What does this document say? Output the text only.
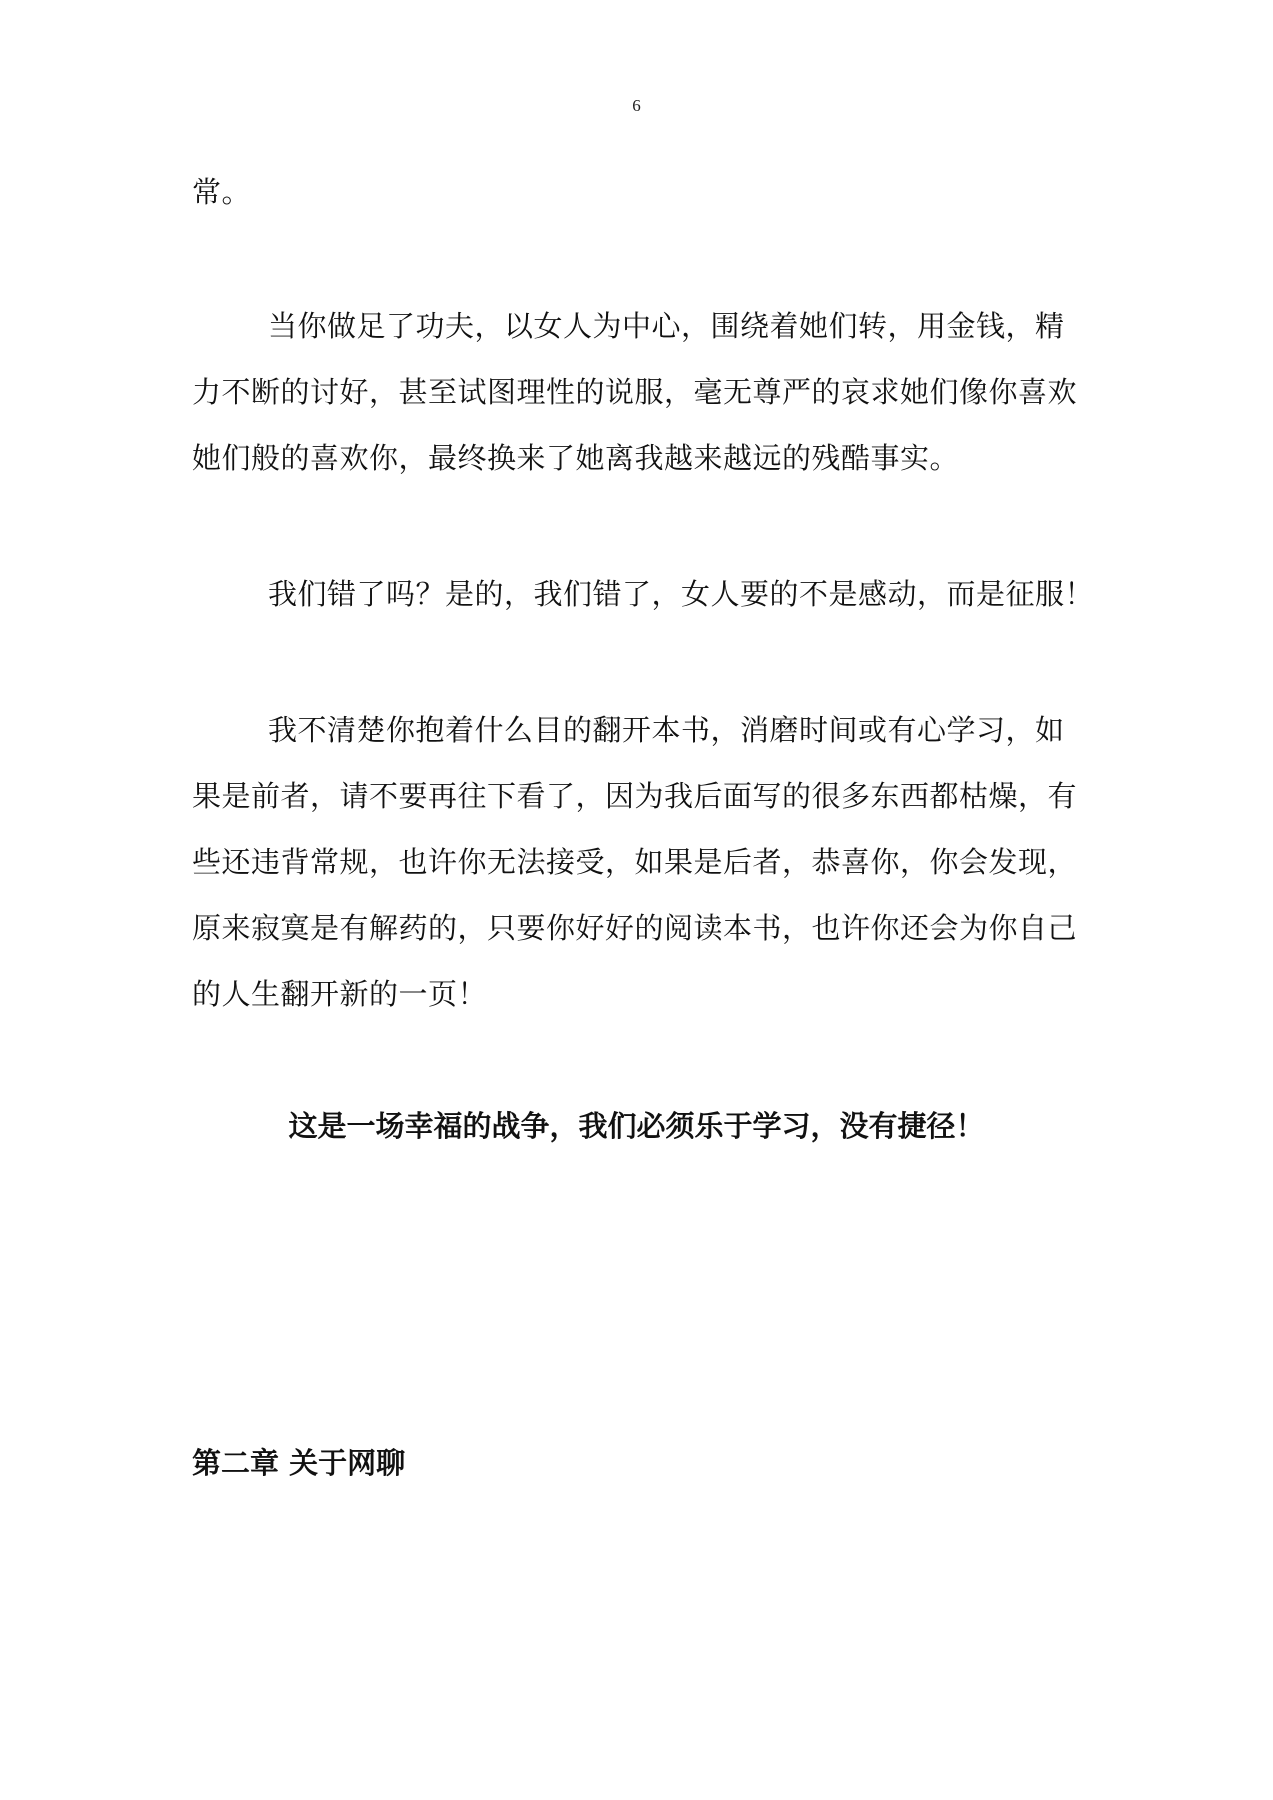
6
常。
当你做足了功夫，以女人为中心，围绕着她们转，用金钱，精
力不断的讨好，甚至试图理性的说服，毫无尊严的哀求她们像你喜欢
她们般的喜欢你，最终换来了她离我越来越远的残酷事实。
我们错了吗？是的，我们错了，女人要的不是感动，而是征服！
我不清楚你抱着什么目的翻开本书，消磨时间或有心学习，如
果是前者，请不要再往下看了，因为我后面写的很多东西都枯燥，有
些还违背常规，也许你无法接受，如果是后者，恭喜你，你会发现，
原来寂寞是有解药的，只要你好好的阅读本书，也许你还会为你自己
的人生翻开新的一页！
这是一场幸福的战争，我们必须乐于学习，没有捷径！
第二章 关于网聊
